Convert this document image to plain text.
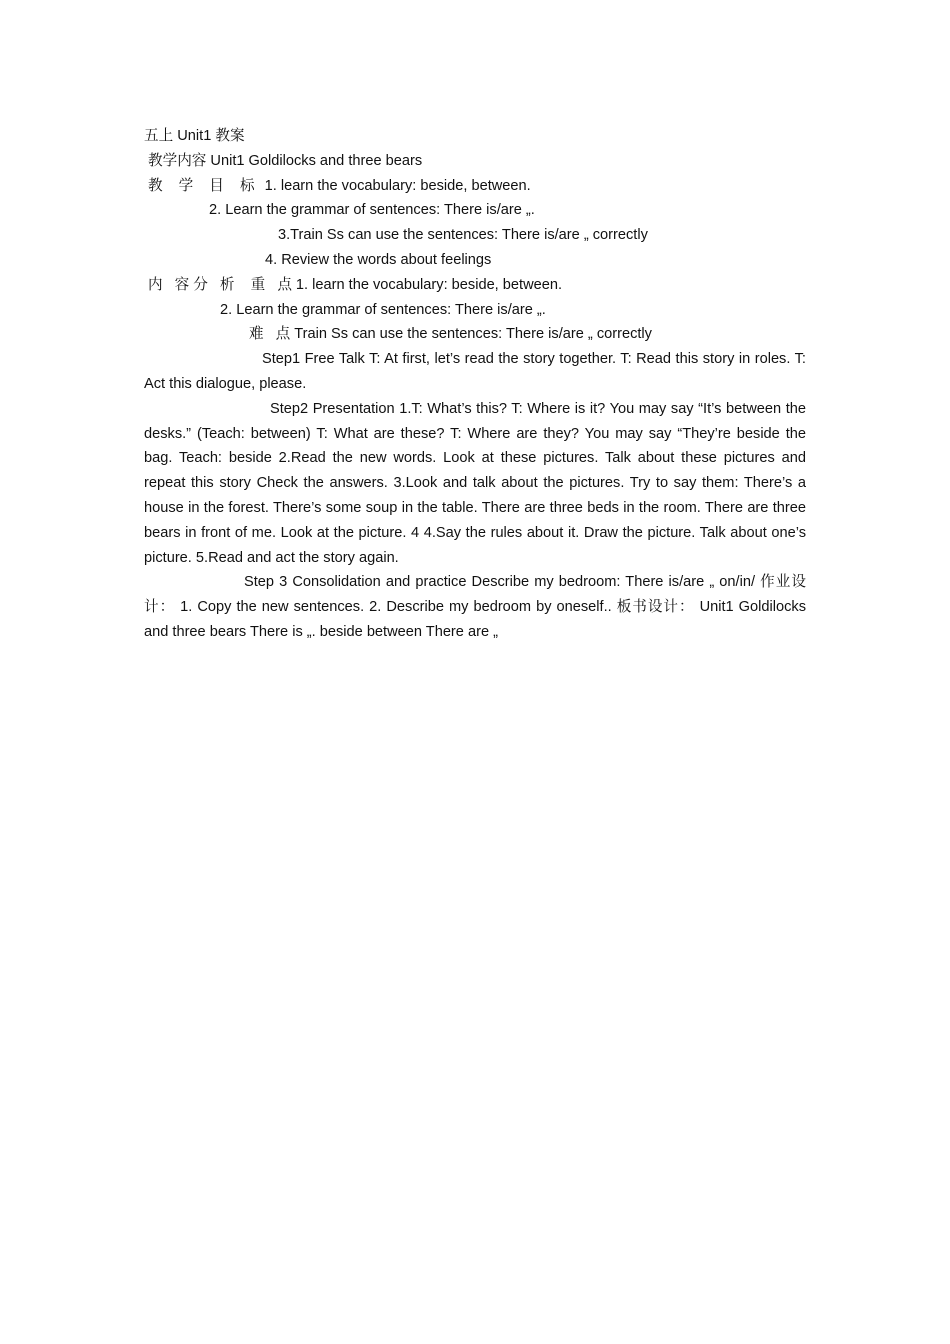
五上 Unit1 教案

教学内容 Unit1 Goldilocks and three bears

教 学 目 标 1. learn the vocabulary: beside, between.

2. Learn the grammar of sentences: There is/are „.

3.Train Ss can use the sentences: There is/are „ correctly

4. Review the words about feelings

内 容分 析 重 点1. learn the vocabulary: beside, between.

2. Learn the grammar of sentences: There is/are „.

难 点Train Ss can use the sentences: There is/are „ correctly

Step1 Free Talk T: At first, let’s read the story together. T: Read this story in roles. T: Act this dialogue, please.

Step2 Presentation 1.T: What’s this? T: Where is it? You may say “It’s between the desks.” (Teach: between) T: What are these? T: Where are they? You may say “They’re beside the bag. Teach: beside 2.Read the new words. Look at these pictures. Talk about these pictures and repeat this story Check the answers. 3.Look and talk about the pictures. Try to say them: There’s a house in the forest. There’s some soup in the table. There are three beds in the room. There are three bears in front of me. Look at the picture. 4 4.Say the rules about it. Draw the picture. Talk about one’s picture. 5.Read and act the story again.

Step 3 Consolidation and practice Describe my bedroom: There is/are „ on/in/ 作业设计： 1. Copy the new sentences. 2. Describe my bedroom by oneself.. 板书设计： Unit1 Goldilocks and three bears There is „. beside between There are „
